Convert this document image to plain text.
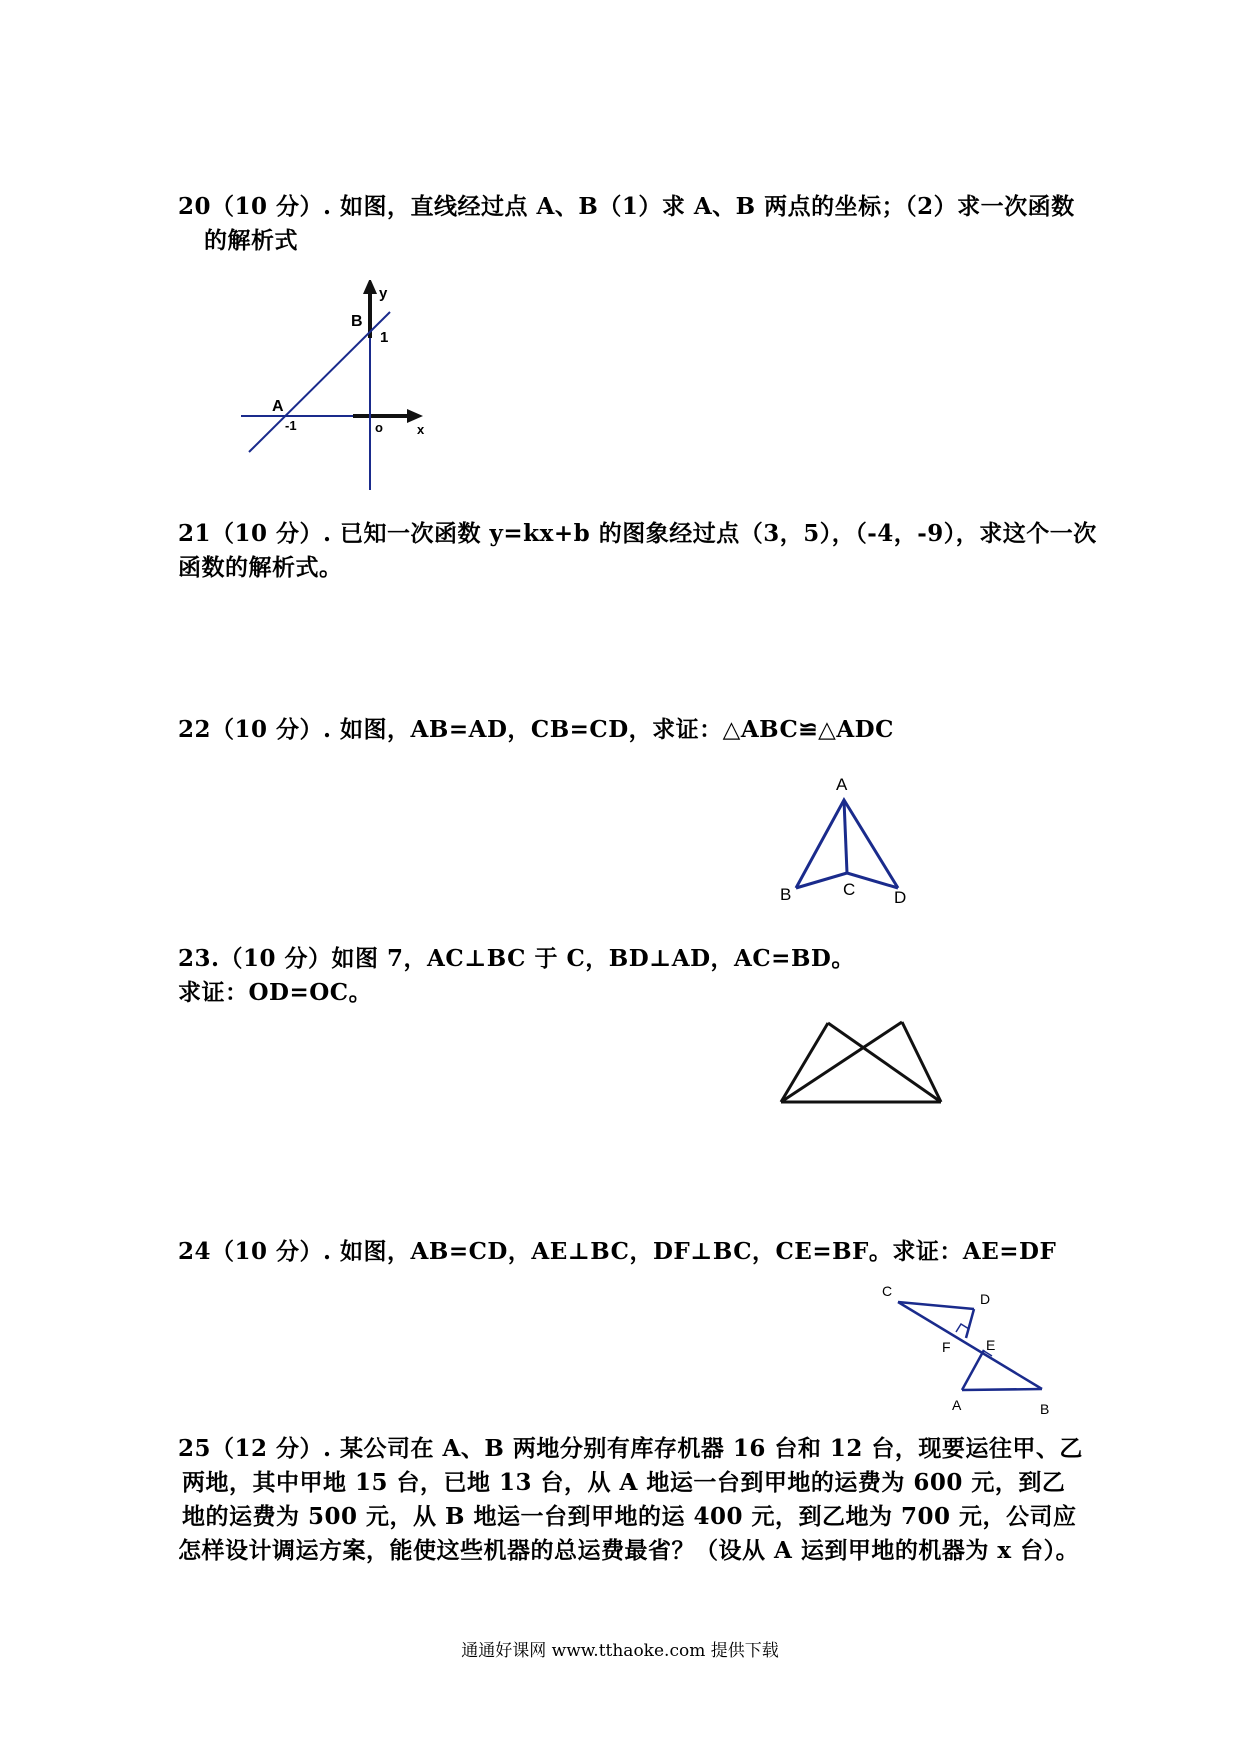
20（10 分）. 如图，直线经过点 A、B（1）求 A、B 两点的坐标；（2）求一次函数
的解析式
y
x
B
1
A
-1	o
21（10 分）. 已知一次函数 y=kx+b 的图象经过点（3，5），（-4，-9），求这个一次
函数的解析式。
22（10 分）. 如图，AB=AD，CB=CD，求证：△ABC≌△ADC
A
B	C D
23.（10 分）如图 7，AC⊥BC 于 C，BD⊥AD，AC=BD。
求证：OD=OC。
24（10 分）. 如图，AB=CD，AE⊥BC，DF⊥BC，CE=BF。求证：AE=DF
C	D
F	E
A	B
25（12 分）. 某公司在 A、B 两地分别有库存机器 16 台和 12 台，现要运往甲、乙
两地，其中甲地 15 台，已地 13 台，从 A 地运一台到甲地的运费为 600 元，到乙
地的运费为 500 元，从 B 地运一台到甲地的运 400 元，到乙地为 700 元，公司应
怎样设计调运方案，能使这些机器的总运费最省？（设从 A 运到甲地的机器为 x 台）。
通通好课网 www.tthaoke.com 提供下载
